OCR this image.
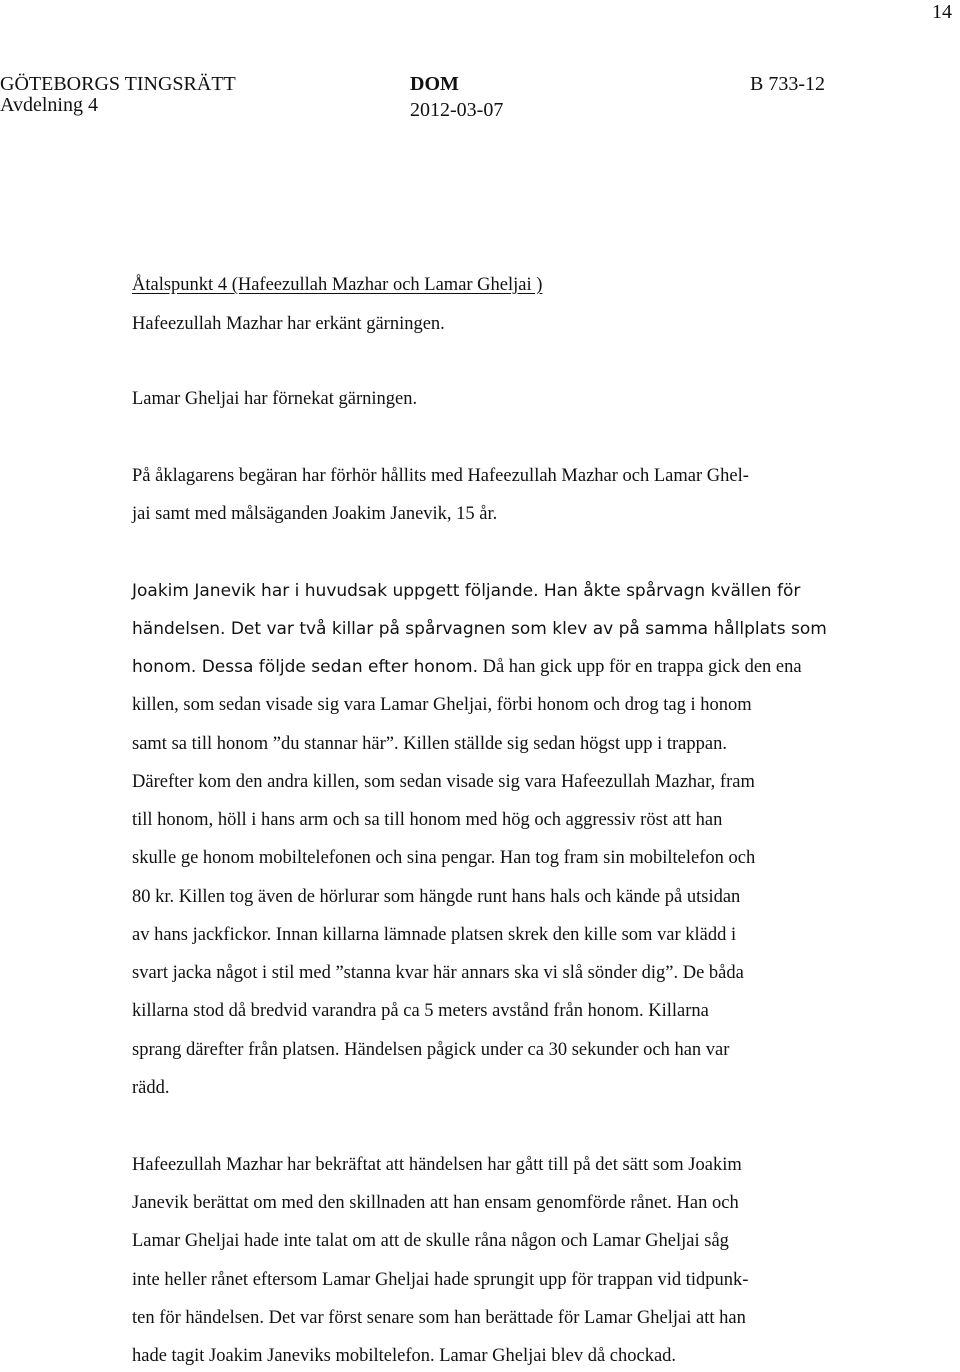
14
GÖTEBORGS TINGSRÄTT
Avdelning 4
DOM
2012-03-07
B 733-12
Åtalspunkt 4 (Hafeezullah Mazhar och Lamar Gheljai )
Hafeezullah Mazhar har erkänt gärningen.
Lamar Gheljai har förnekat gärningen.
På åklagarens begäran har förhör hållits med Hafeezullah Mazhar och Lamar Ghel-
jai samt med målsäganden Joakim Janevik, 15 år.
Joakim Janevik har i huvudsak uppgett följande. Han åkte spårvagn kvällen för
händelsen. Det var två killar på spårvagnen som klev av på samma hållplats som
honom. Dessa följde sedan efter honom. Då han gick upp för en trappa gick den ena
killen, som sedan visade sig vara Lamar Gheljai, förbi honom och drog tag i honom
samt sa till honom ”du stannar här”. Killen ställde sig sedan högst upp i trappan.
Därefter kom den andra killen, som sedan visade sig vara Hafeezullah Mazhar, fram
till honom, höll i hans arm och sa till honom med hög och aggressiv röst att han
skulle ge honom mobiltelefonen och sina pengar. Han tog fram sin mobiltelefon och
80 kr. Killen tog även de hörlurar som hängde runt hans hals och kände på utsidan
av hans jackfickor. Innan killarna lämnade platsen skrek den kille som var klädd i
svart jacka något i stil med ”stanna kvar här annars ska vi slå sönder dig”. De båda
killarna stod då bredvid varandra på ca 5 meters avstånd från honom. Killarna
sprang därefter från platsen. Händelsen pågick under ca 30 sekunder och han var
rädd.
Hafeezullah Mazhar har bekräftat att händelsen har gått till på det sätt som Joakim
Janevik berättat om med den skillnaden att han ensam genomförde rånet. Han och
Lamar Gheljai hade inte talat om att de skulle råna någon och Lamar Gheljai såg
inte heller rånet eftersom Lamar Gheljai hade sprungit upp för trappan vid tidpunk-
ten för händelsen. Det var först senare som han berättade för Lamar Gheljai att han
hade tagit Joakim Janeviks mobiltelefon. Lamar Gheljai blev då chockad.
